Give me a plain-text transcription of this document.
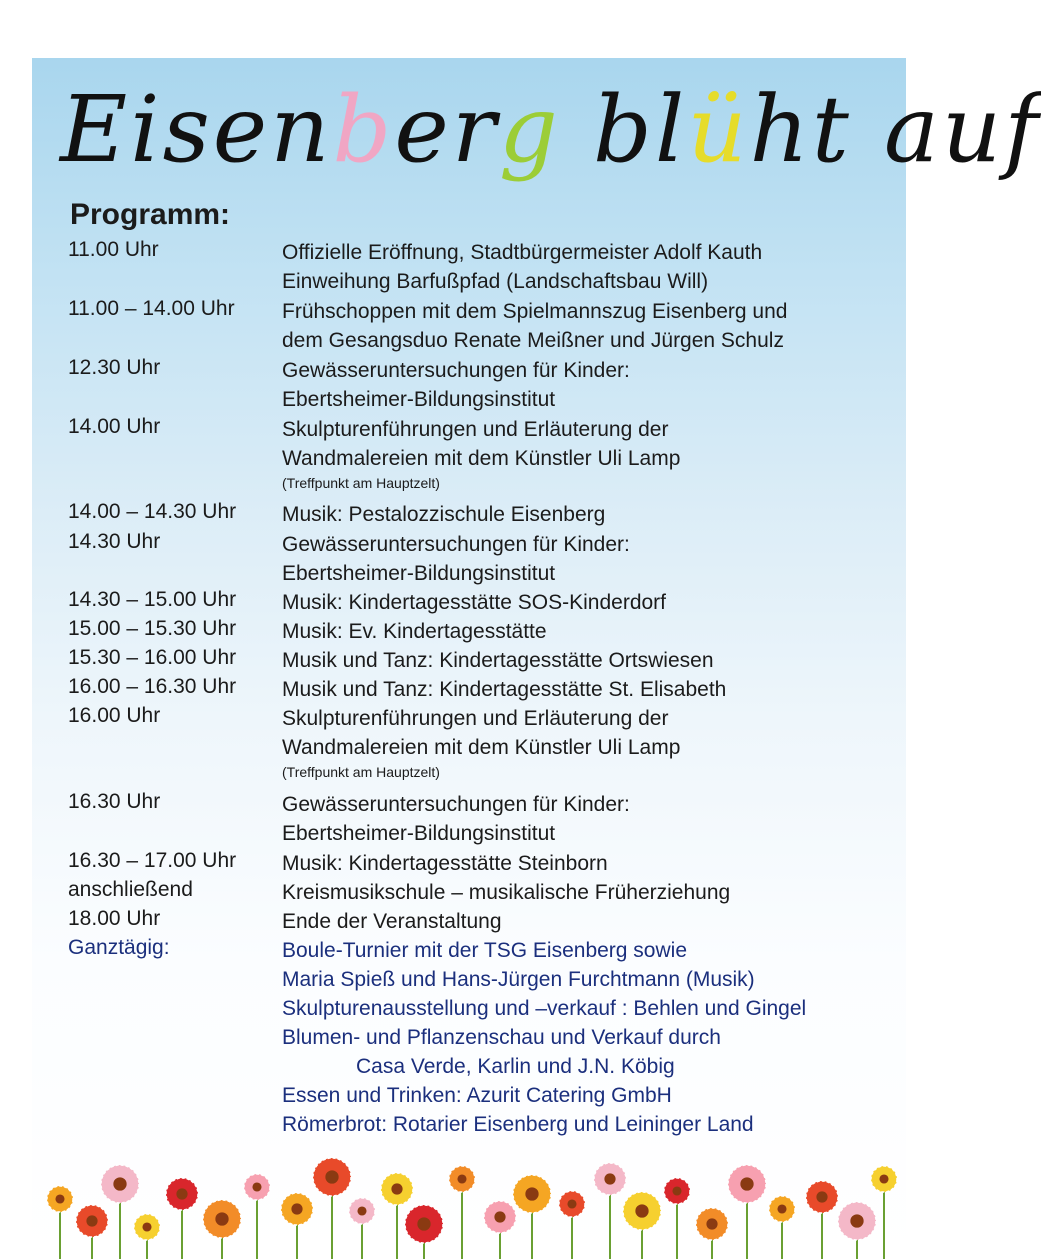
Eisenberg blüht auf
Programm:
11.00 Uhr	Offizielle Eröffnung, Stadtbürgermeister Adolf Kauth
Einweihung Barfußpfad (Landschaftsbau Will)
11.00 – 14.00 Uhr Frühschoppen mit dem Spielmannszug Eisenberg und
dem Gesangsduo Renate Meißner und Jürgen Schulz
12.30 Uhr	Gewässeruntersuchungen für Kinder:
Ebertsheimer-Bildungsinstitut
14.00 Uhr	Skulpturenführungen und Erläuterung der
Wandmalereien mit dem Künstler Uli Lamp
(Treffpunkt am Hauptzelt)
14.00 – 14.30 Uhr Musik: Pestalozzischule Eisenberg
14.30 Uhr	Gewässeruntersuchungen für Kinder:
Ebertsheimer-Bildungsinstitut
14.30 – 15.00 Uhr Musik: Kindertagesstätte SOS-Kinderdorf
15.00 – 15.30 Uhr Musik: Ev. Kindertagesstätte
15.30 – 16.00 Uhr Musik und Tanz: Kindertagesstätte Ortswiesen
16.00 – 16.30 Uhr Musik und Tanz: Kindertagesstätte St. Elisabeth
16.00 Uhr	Skulpturenführungen und Erläuterung der
Wandmalereien mit dem Künstler Uli Lamp
(Treffpunkt am Hauptzelt)
16.30 Uhr	Gewässeruntersuchungen für Kinder:
Ebertsheimer-Bildungsinstitut
16.30 – 17.00 Uhr Musik: Kindertagesstätte Steinborn
anschließend	Kreismusikschule – musikalische Früherziehung
18.00 Uhr	Ende der Veranstaltung
Ganztägig:	Boule-Turnier mit der TSG Eisenberg sowie
Maria Spieß und Hans-Jürgen Furchtmann (Musik)
Skulpturenausstellung und –verkauf : Behlen und Gingel
Blumen- und Pflanzenschau und Verkauf durch
Casa Verde, Karlin und J.N. Köbig
Essen und Trinken: Azurit Catering GmbH
Römerbrot: Rotarier Eisenberg und Leininger Land
